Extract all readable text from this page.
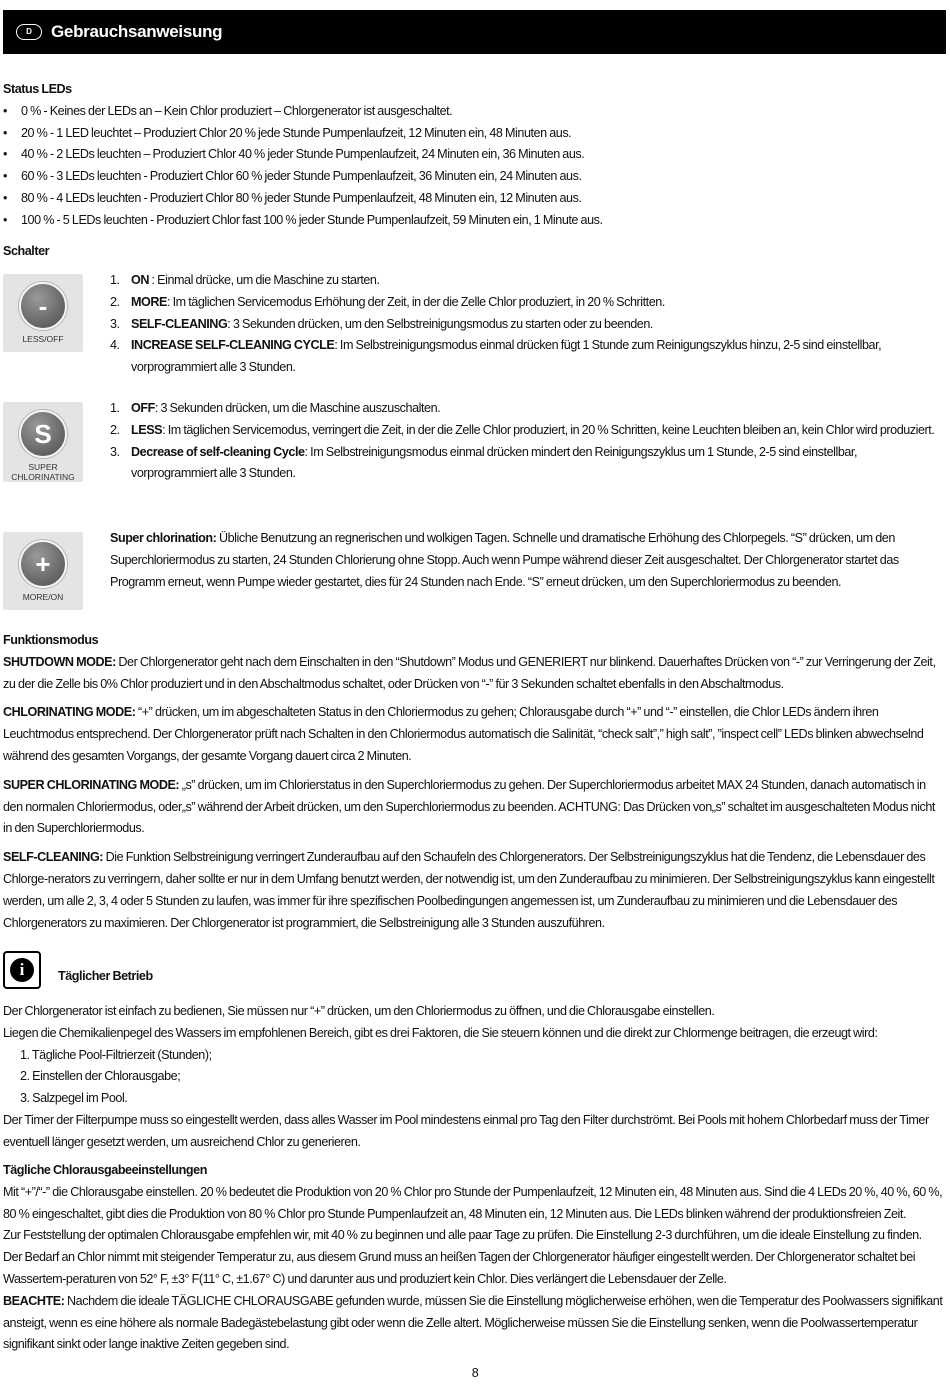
D	Gebrauchsanweisung
Status LEDs
• 0 % - Keines der LEDs an – Kein Chlor produziert – Chlorgenerator ist ausgeschaltet.
• 20 % - 1 LED leuchtet – Produziert Chlor 20 % jede Stunde Pumpenlaufzeit, 12 Minuten ein, 48 Minuten aus.
• 40 % - 2 LEDs leuchten – Produziert Chlor 40 % jeder Stunde Pumpenlaufzeit, 24 Minuten ein, 36 Minuten aus.
• 60 % - 3 LEDs leuchten - Produziert Chlor 60 % jeder Stunde Pumpenlaufzeit, 36 Minuten ein, 24 Minuten aus.
• 80 % - 4 LEDs leuchten - Produziert Chlor 80 % jeder Stunde Pumpenlaufzeit, 48 Minuten ein, 12 Minuten aus.
• 100 % - 5 LEDs leuchten - Produziert Chlor fast 100 % jeder Stunde Pumpenlaufzeit, 59 Minuten ein, 1 Minute aus.
Schalter
-
LESS/OFF
1. ON : Einmal drücke, um die Maschine zu starten.
2. MORE: Im täglichen Servicemodus Erhöhung der Zeit, in der die Zelle Chlor produziert, in 20 % Schritten.
3. SELF-CLEANING: 3 Sekunden drücken, um den Selbstreinigungsmodus zu starten oder zu beenden.
4. INCREASE SELF-CLEANING CYCLE: Im Selbstreinigungsmodus einmal drücken fügt 1 Stunde zum Reinigungszyklus hinzu, 2-5 sind einstellbar, vorprogrammiert alle 3 Stunden.
S
SUPER
CHLORINATING
1. OFF: 3 Sekunden drücken, um die Maschine auszuschalten.
2. LESS: Im täglichen Servicemodus, verringert die Zeit, in der die Zelle Chlor produziert, in 20 % Schritten, keine Leuchten bleiben an, kein Chlor wird produziert.
3. Decrease of self-cleaning Cycle: Im Selbstreinigungsmodus einmal drücken mindert den Reinigungszyklus um 1 Stunde, 2-5 sind einstellbar, vorprogrammiert alle 3 Stunden.
+
MORE/ON
Super chlorination: Übliche Benutzung an regnerischen und wolkigen Tagen. Schnelle und dramatische Erhöhung des Chlorpegels. “S” drücken, um den Superchloriermodus zu starten, 24 Stunden Chlorierung ohne Stopp. Auch wenn Pumpe während dieser Zeit ausgeschaltet. Der Chlorgenerator startet das Programm erneut, wenn Pumpe wieder gestartet, dies für 24 Stunden nach Ende. “S” erneut drücken, um den Superchloriermodus zu beenden.
Funktionsmodus
SHUTDOWN MODE: Der Chlorgenerator geht nach dem Einschalten in den “Shutdown” Modus und GENERIERT nur blinkend. Dauerhaftes Drücken von “-” zur Verringerung der Zeit, zu der die Zelle bis 0% Chlor produziert und in den Abschaltmodus schaltet, oder Drücken von “-” für 3 Sekunden schaltet ebenfalls in den Abschaltmodus.
CHLORINATING MODE: “+” drücken, um im abgeschalteten Status in den Chloriermodus zu gehen; Chlorausgabe durch “+” und “-” einstellen, die Chlor LEDs ändern ihren Leuchtmodus entsprechend. Der Chlorgenerator prüft nach Schalten in den Chloriermodus automatisch die Salinität, “check salt”,” high salt”, ”inspect cell” LEDs blinken abwechselnd während des gesamten Vorgangs, der gesamte Vorgang dauert circa 2 Minuten.
SUPER CHLORINATING MODE: „s” drücken, um im Chlorierstatus in den Superchloriermodus zu gehen. Der Superchloriermodus arbeitet MAX 24 Stunden, danach automatisch in den normalen Chloriermodus, oder„s” während der Arbeit drücken, um den Superchloriermodus zu beenden. ACHTUNG: Das Drücken von„s” schaltet im ausgeschalteten Modus nicht in den Superchloriermodus.
SELF-CLEANING: Die Funktion Selbstreinigung verringert Zunderaufbau auf den Schaufeln des Chlorgenerators. Der Selbstreinigungszyklus hat die Tendenz, die Lebensdauer des Chlorge-nerators zu verringern, daher sollte er nur in dem Umfang benutzt werden, der notwendig ist, um den Zunderaufbau zu minimieren. Der Selbstreinigungszyklus kann eingestellt werden, um alle 2, 3, 4 oder 5 Stunden zu laufen, was immer für ihre spezifischen Poolbedingungen angemessen ist, um Zunderaufbau zu minimieren und die Lebensdauer des Chlorgenerators zu maximieren. Der Chlorgenerator ist programmiert, die Selbstreinigung alle 3 Stunden auszuführen.
i	Täglicher Betrieb
Der Chlorgenerator ist einfach zu bedienen, Sie müssen nur “+” drücken, um den Chloriermodus zu öffnen, und die Chlorausgabe einstellen.
Liegen die Chemikalienpegel des Wassers im empfohlenen Bereich, gibt es drei Faktoren, die Sie steuern können und die direkt zur Chlormenge beitragen, die erzeugt wird:
1. Tägliche Pool-Filtrierzeit (Stunden);
2. Einstellen der Chlorausgabe;
3. Salzpegel im Pool.
Der Timer der Filterpumpe muss so eingestellt werden, dass alles Wasser im Pool mindestens einmal pro Tag den Filter durchströmt. Bei Pools mit hohem Chlorbedarf muss der Timer eventuell länger gesetzt werden, um ausreichend Chlor zu generieren.
Tägliche Chlorausgabeeinstellungen
Mit “+”/“-” die Chlorausgabe einstellen. 20 % bedeutet die Produktion von 20 % Chlor pro Stunde der Pumpenlaufzeit, 12 Minuten ein, 48 Minuten aus. Sind die 4 LEDs 20 %, 40 %, 60 %, 80 % eingeschaltet, gibt dies die Produktion von 80 % Chlor pro Stunde Pumpenlaufzeit an, 48 Minuten ein, 12 Minuten aus. Die LEDs blinken während der produktionsfreien Zeit.
Zur Feststellung der optimalen Chlorausgabe empfehlen wir, mit 40 % zu beginnen und alle paar Tage zu prüfen. Die Einstellung 2-3 durchführen, um die ideale Einstellung zu finden. Der Bedarf an Chlor nimmt mit steigender Temperatur zu, aus diesem Grund muss an heißen Tagen der Chlorgenerator häufiger eingestellt werden. Der Chlorgenerator schaltet bei Wassertem-peraturen von 52° F, ±3° F(11° C, ±1.67° C) und darunter aus und produziert kein Chlor. Dies verlängert die Lebensdauer der Zelle.
BEACHTE: Nachdem die ideale TÄGLICHE CHLORAUSGABE gefunden wurde, müssen Sie die Einstellung möglicherweise erhöhen, wen die Temperatur des Poolwassers signifikant ansteigt, wenn es eine höhere als normale Badegästebelastung gibt oder wenn die Zelle altert. Möglicherweise müssen Sie die Einstellung senken, wenn die Poolwassertemperatur signifikant sinkt oder lange inaktive Zeiten gegeben sind.
8
